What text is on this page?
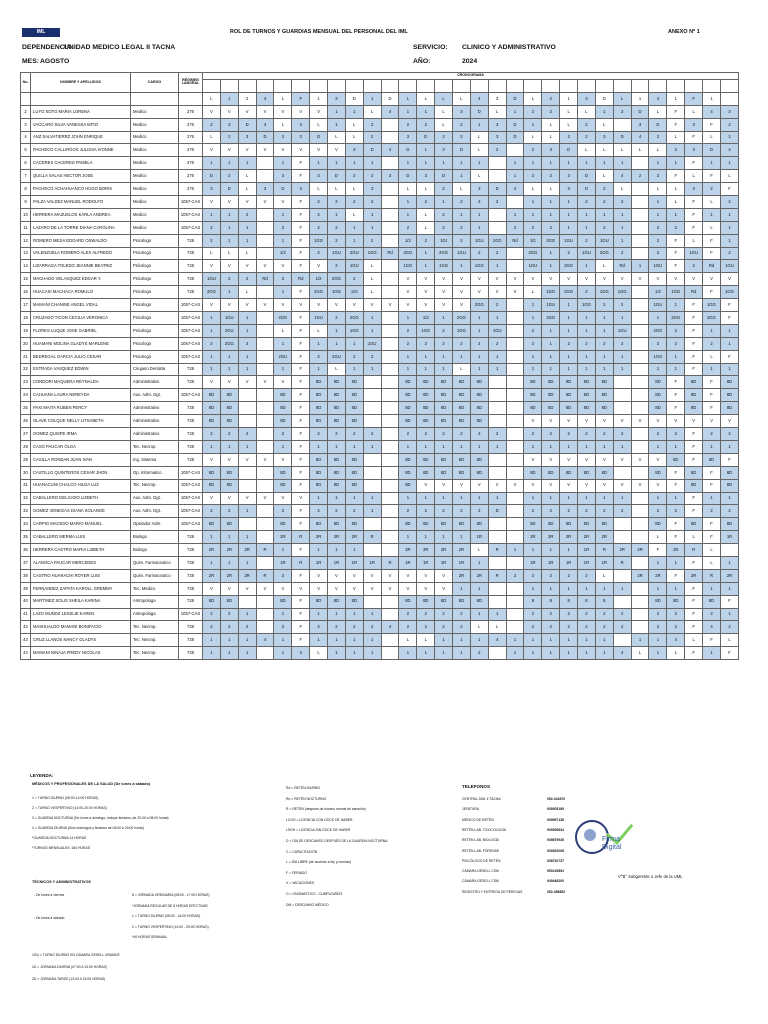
IML	ROL DE TURNOS Y GUARDIAS MENSUAL DEL PERSONAL DEL IML	ANEXO Nº 1
DEPENDENCIA:
UNIDAD MEDICO LEGAL II TACNA
MES: AGOSTO
SERVICIO: CLINICO Y ADMINISTRATIVO
AÑO:	2024
No.	NOMBRE Y APELLIDOS	CARGO	RÉGIMEN LABORAL	CRONOGRAMA																													

				L	1	2	4	L	F	1	3	D	1	D	L	L	L	L	4	3	D	L	2	1	3	D	L	1	4	1	F	1	
2	LUYO SOTO MARIA LORENA	Medico	276	V	V	V	V	V	V	V	1	1	L	4	1	1	L	3	D	L	1	2	2	L	L	1	3	D	L	F	L	4	3
3	VACCARO SILVA VANESSA MITZI	Medico	276	2	3	D	4	L	4	L	1	L	2		2	2	L	2	1	3	D	1	L	L	2	L		3	D	F	3	F	2
4	ANZ SALVATIERRZ JOHN ENRIQUE	Medico	276	L	2	3	D	2	3	D	L	L	2		3	D	2	2	L	3	D	L	L	2	2	3	D	4	2	L	F	L	2
5	PACHECO CALLIRGOS JULISSA IVONNE	Medico	276	V	V	V	V	V	V	V	V	3	D	4	D	1	3	D	L	2		2	3	D	L	L	L	L	L	2	3	D	4
6	CACERES CACERES PAMELA	Medico	276	1	1	1		1	F	1	1	1	1		1	1	1	1	1		1	1	1	1	1	1	1		1	1	F	1	1
7	QUILLA SALAS HECTOR JOSE	Medico	276	D	2	L		3	F	3	D	2	2	3	D	3	D	1	L		1	2	2	3	D	L	4	2	3	F	L	F	L
8	PACHECO ACHAHUANCO HUGO BORIS	Medico	276	3	D	L	3	D	4	L	L	L	3		L	L	2	L	3	D	4	L	L	3	D	2	L		L	L	4	2	F
9	PALZA VALDEZ MANUEL RODOLFO	Medico	1057-CAS	V	V	V	V	V	F	2	2	2	2		1	2	1	2	2	2		1	1	1	2	2	2		1	L	F	L	2
10	HERRERA MAZUELOS KARLA ANDREA	Medico	1057-CAS	1	1	2		1	F	2	1	L	1		1	L	2	1	1		1	1	1	1	1	1	1		1	1	F	1	1
11	LAZARO DE LA TORRE DIANA CAROLINA	Medico	1057-CAS	2	1	1		2	F	2	2	1	1		2	L	2	2	1		2	2	2	1	1	2	1		2	2	F	L	1
12	ROMERO MEJIA EDGARD OSWALDO	Psicologo	728	2	1	1		1	F	1GG	2	1	2		1/2	2	1GI	2	1GU	1GG	Rd	1G	2GG	1GU	2	1GU	1		2	F	L	F	1
13	VALENZUELA ROMERO ALEX ALFREDO	Psicologo	728	L	L	L		1/2	F	2	1GU	2GU	1GG	Rd	2GG	1	2GG	1GU	2	2		2GG	1	2	1GU	2GG	2		2	F	1GU	F	2
14	LIZARRAGA TOLEDO JEANNIE BEATRIZ	Psicologo	728	V	V	V	V	V	F	V	2	1GU	L		1GG	1	1GG	1	1GG	1		1GU	1	2GG	1	L	Rd	1	1GU	F	2	Rd	1GU
15	MACHADO VELASQUEZ EDGAR Y.	Psicologo	728	1GU	2	2	Rd	2	Rd	1/2	2GG	2	L		V	V	V	V	V	V	V	V	V	V	V	V	V	V	V	V	V	V	V
16	HUACASI MACHACA ROMULO	Psicologo	728	2GG	1	L		1	F	2GG	1GG	1GI	L		V	V	V	V	V	V	V	L	1GG	2GG	2	1GG	1GG		1/2	1GG	Rd	F	1GG
17	MAMANI CHANINE ANGEL VIDAL	Psicologo	1057-CAS	V	V	V	V	V	V	V	V	V	V	V	V	V	V	V	2GG	2		1	1GU	1	1GG	2	2		1GU	1	F	1GG	F
18	CRUZADO TICON CECILIA VERONICA	Psicologo	1057-CAS	1	1GU	1		2GG	F	1GU	2	2GG	1		1	1/2	1	2GG	1	1		1	2GG	1	1	1	1		1	2GG	F	2GG	F
19	FLORES LUQUE JOSE GABRIEL	Psicologo	1057-CAS	1	2GU	1		L	F	L	1	1GG	1		2	1GG	2	1GG	1	1GU		2	1	1	1	1	1GU		2GG	2	F	1	1
20	HUAMANI MOLINA GLADYS MARLENE	Psicologo	1057-CAS	2	2GG	2		1	F	1	1	1	1GU		2	2	2	2	2	2		2	1	2	2	2	2		2	2	F	2	1
21	BEDREGAL GARCIA JULIO CESAR	Psicologo	1057-CAS	1	1	1		2GU	F	2	2GU	2	2		1	1	1	1	1	1		1	1	1	1	1	1		1GG	1	F	L	F
22	ESTRADA VASQUEZ EDWIN	Cirujano Dentista	728	1	1	1		1	F	1	L	1	1		1	1	1	L	1	1		1	1	1	1	1	1		1	1	F	1	1
23	CONDORI MAQUERA REYNALDA	Administrativo	728	V	V	V	V	V	F	8D	8D	8D			8D	8D	8D	8D	8D			8D	8D	8D	8D	8D			8D	F	8D	F	8D
24	CAHUANA LAURA NEREYDA	Aux. Adm. Dgt.	1057-CAS	8D	8D			8D	F	8D	8D	8D			8D	8D	8D	8D	8D			8D	8D	8D	8D	8D			8D	F	8D	F	8D
25	PAXI MAITA RUBEN PERCY	Administrativo	728	8D	8D			8D	F	8D	8D	8D			8D	8D	8D	8D	8D			8D	8D	8D	8D	8D			8D	F	8D	F	8D
26	OLAVE COLQUE NELLY LITSABETH	Administrativo	728	8D	8D			8D	F	8D	8D	8D			8D	8D	8D	8D	8D			V	V	V	V	V	V	V	V	V	V	V	V
27	GOMEZ QUISPE IRMA	Administrativo	728	2	2	2		2	F	2	2	2	2		2	2	2	2	2	2		2	2	2	2	2	2		2	2	F	2	2
28	CASO PAUCAR OLGA	Tec. Necrop.	728	1	1	1		1	F	1	1	1	1		1	1	1	1	1	1		1	1	1	1	1	1		1	1	F	1	1
29	CASILLA RONDAN JUAN IVAN	Ing. Sistema	728	V	V	V	V	V	F	8D	8D	8D			8D	8D	8D	8D	8D			V	V	V	V	V	V	V	V	8D	F	8D	F
30	CASTILLO QUINTEROS CESAR JHON	Op. Informatico	1057-CAS	8D	8D			8D	F	8D	8D	8D			8D	8D	8D	8D	8D			8D	8D	8D	8D	8D			8D	F	8D	F	8D
31	HUANACUNI CHALCO HILDA LUZ	Tec. Necrop.	1057-CAS	8D	8D			8D	F	8D	8D	8D			8D	V	V	V	V	V	V	V	V	V	V	V	V	V	V	F	8D	F	8D
32	CABALLERO DELGADO LIZBETH	Aux. Adm. Dgt.	1057-CAS	V	V	V	V	V	V	1	1	1	1		1	1	1	1	1	1		1	1	1	1	1	1		1	1	F	1	1
33	GOMEZ VENEGAS DIANA SOLANGE	Aux. Adm. Dgt.	1057-CAS	2	2	1		2	F	2	2	2	1		2	2	2	2	2	D		2	2	2	2	2	2		2	2	F	2	2
34	CARPIO MACEDO MARIO MANUEL	Operador Adm.	1057-CAS	8D	8D			8D	F	8D	8D	8D			8D	8D	8D	8D	8D			8D	8D	8D	8D	8D			8D	F	8D	F	8D
35	CABALLERO MERMA LUIS	Biologo	728	1	1	1		2R	R	2R	2R	2R	R		1	1	1	1	1R			2R	2R	2R	2R	2R			L	F	L	F	1R
36	HERRERA CASTRO MARIA LIZBETH	Biologo	728	2R	2R	2R	R	1	F	1	1	1			2R	2R	2R	2R	L	R	1	1	1	1	1R	R	2R	2R	F	2R	R	L	
37	ALANOCA PAUCAR MERCEDES	Quim. Farmaceutico	728	1	1	1		1R	R	1R	1R	1R	1R	R	1R	1R	1R	1R	1			1R	1R	1R	1R	1R	R		1	1	F	L	1
38	CASTRO HUARACHI ROYER LUIS	Quim. Farmaceutico	728	2R	2R	2R	R	2	F	V	V	V	V	V	V	V	V	2R	2R	R	2	2	2	2	2	L		2R	2R	F	2R	R	2R
39	FERNANDEZ ZAPATA KAROLL GREMMY	Tec. Medico	728	V	V	V	V	V	V	V	V	V	V	V	V	V	V	1	1			1	1	1	1	1	1		1	1	F	1	1
40	MARTINEZ SOLIS SHEILA KARINA	Antropologa	728	8D	8D			8D	F	8D	8D	8D			8D	8D	8D	8D	8D			8	8	8	8	8			8D	8D	F	8D	F
41	LAZO MUÑOZ LESSLIE KAREN	Antropologa	1057-CAS	2	2	1		1	F	1	1	1	1		2	2	2	2	1	1		2	2	2	2	2	2		2	2	F	2	1
42	MASHUALDO MAMANI BONIFACIO	Tec. Necrop.	728	2	2	2		2	F	2	2	2	2	4	2	2	2	2	L	L		2	2	2	2	2	2		2	2	F	4	2
43	CRUZ LLANOS NANCY GLADYS	Tec. Necrop.	728	1	1	1	4	1	F	1	1	1	1		L	L	1	1	1	4	1	1	1	1	1	1		1	1	4	L	F	L
44	MAMANI NINAJA FREDY NICOLAS	Tec. Necrop.	728	1	1	1		1	4	L	1	1	1		1	1	1	1	2		1	1	1	1	1	1	4	L	1	L	F	1	F
LEYENDA:
MÉDICOS Y PROFESIONALES DE LA SALUD (De lunes a sábado)
1 = TURNO DIURNO (08:00-14:00 HORAS)
2 = TURNO VESPERTINO (14:00-20:00 HORAS)
3 = GUARDIA NOCTURNA (De lunes a domingo, incluye feriados, de 20:00 a 08:00 horas)
4 = GUARDIA DIURNA (Solo domingos y feriados de 08:00 a 20:00 horas)
*GUARDIA NOCTURNA 14 HORAS
*TURNOS MENSUALES: 150 HORAS
Rd = RETÉN DIURNO
Rn = RETÉN NOCTURNO
R = RETÉN (después de horario normal de atención)
LCGH = LICENCIA CON GOCE DE HABER
LSGH = LICENCIA SIN GOCE DE HABER
D = DÍA DE DESCANSO DESPUÉS DE LA GUARDIA NOCTURNA
C = CAPACITACIÓN
L = DÍA LIBRE (de acuerdo a ley y normas)
F = FERIADO
V = VACACIONES
O = ONOMÁSTICO - CUMPLEAÑOS
DM = DESCANSO MÉDICO
TELEFONOS
CENTRAL DML II TACNA	052-244870
JEFATURA	939305189
MÉDICO DE RETÉN	939997138
RETÉN LAB. TOXICOLOGÍA	939305634
RETÉN LAB. BIOLOGÍA	939879928
RETÉN LAB. FORENSE	939302008
PSICÓLOGO DE RETÉN	938792737
CÁMARA GESELL CSM	950135894
CÁMARA GESELL CSM	949448200
REGISTRO Y ENTREGA DE PERICIAS	052-458852
TÉCNICOS Y ADMINISTRATIVOS
- De lunes a viernes
- De lunes a sábado
8 = JORNADA ORDINARIA (08:00 - 17:00 HORAS)
*JORNADA REGULAR DE 8 HORAS EFECTIVAS
1 = TURNO DIURNO (08:00 - 14:00 HORAS)
2 = TURNO VESPERTINO (14:00 - 20:00 HORAS)
*40 HORAS SEMANAL
1GU = TURNO DIURNO EN CAMARA GESELL URAMUE
1D = JORNADA DIURNA (07:00 A 13:00 HORAS)
2D = JORNADA TARDE (13:00 A 19:00 HORAS)
Firma Digital
V°B° Subgerente o Jefe de la UML
